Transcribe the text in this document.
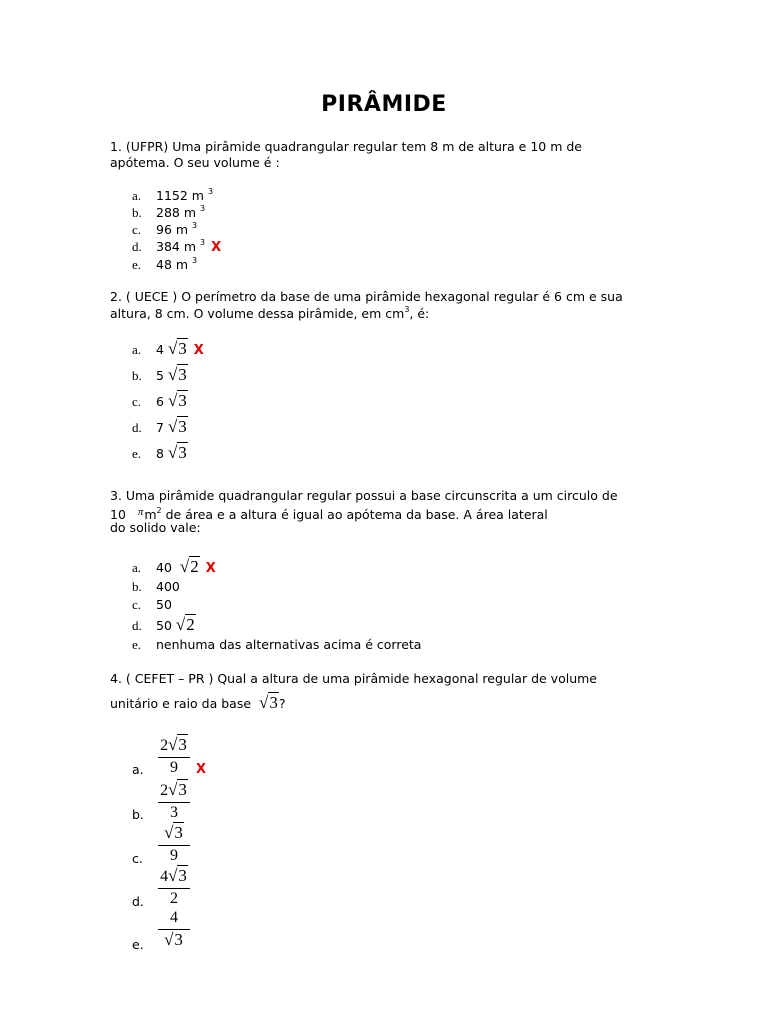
PIRÂMIDE
1. (UFPR) Uma pirâmide quadrangular regular tem 8 m de altura e 10 m de
apótema. O seu volume é :
a. 1152 m $^3$
b. 288 m $^3$
c. 96 m $^3$
d. 384 m $^3$ X
e. 48 m $^3$
2. ( UECE ) O perímetro da base de uma pirâmide hexagonal regular é 6 cm e sua
altura, 8 cm. O volume dessa pirâmide, em $cm^3$, é:
a. 4 √3 X
b. 5 √3
c. 6 √3
d. 7 √3
e. 8 √3
3. Uma pirâmide quadrangular regular possui a base circunscrita a um circulo de
10 $\pi m^2$ de área e a altura é igual ao apótema da base. A área lateral
do solido vale:
a. 40 √2 X
b. 400
c. 50
d. 50 √2
e. nenhuma das alternativas acima é correta
4. ( CEFET – PR ) Qual a altura de uma pirâmide hexagonal regular de volume
unitário e raio da base √3?
a.
b.
c.
d.
e.
$\frac{2√3}{9}$ X
$\frac{2√3}{3}$
$\frac{√3}{9}$
$\frac{4√3}{2}$
$\frac{4}{√3}$
